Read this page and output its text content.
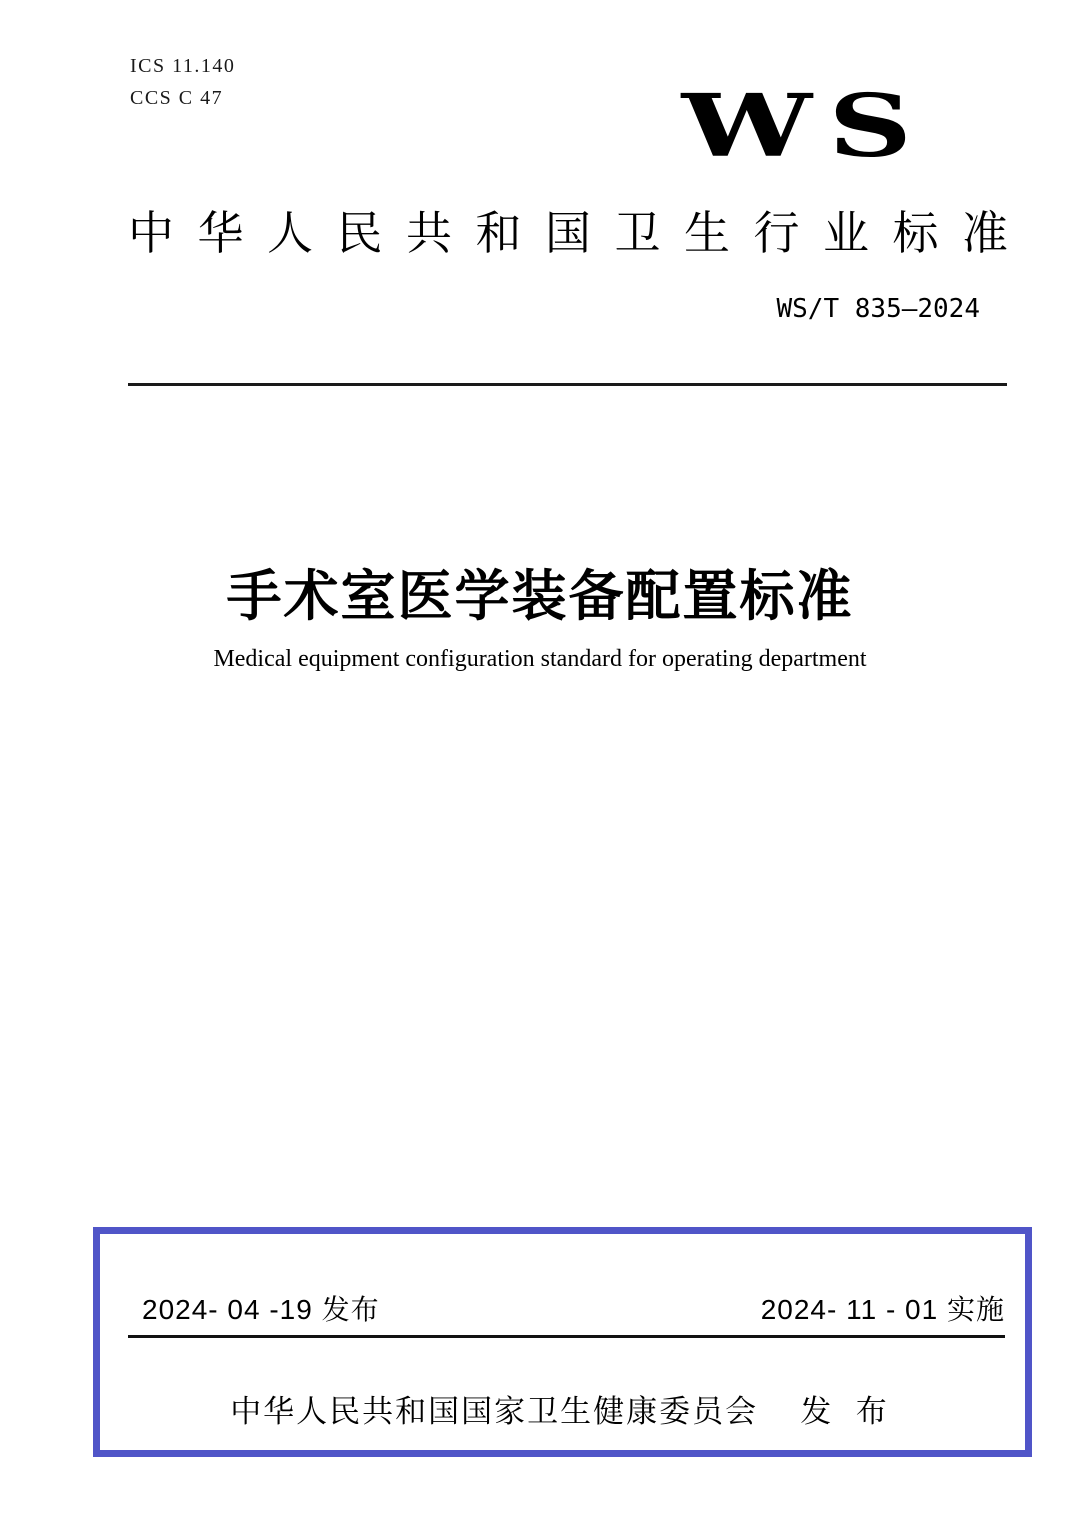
ICS 11.140
CCS C 47	WS
中华人民共和国卫生行业标准
WS/T 835—2024
手术室医学装备配置标准
Medical equipment configuration standard for operating department
2024- 04 -19 发布	2024- 11 - 01 实施
中华人民共和国国家卫生健康委员会 发 布
